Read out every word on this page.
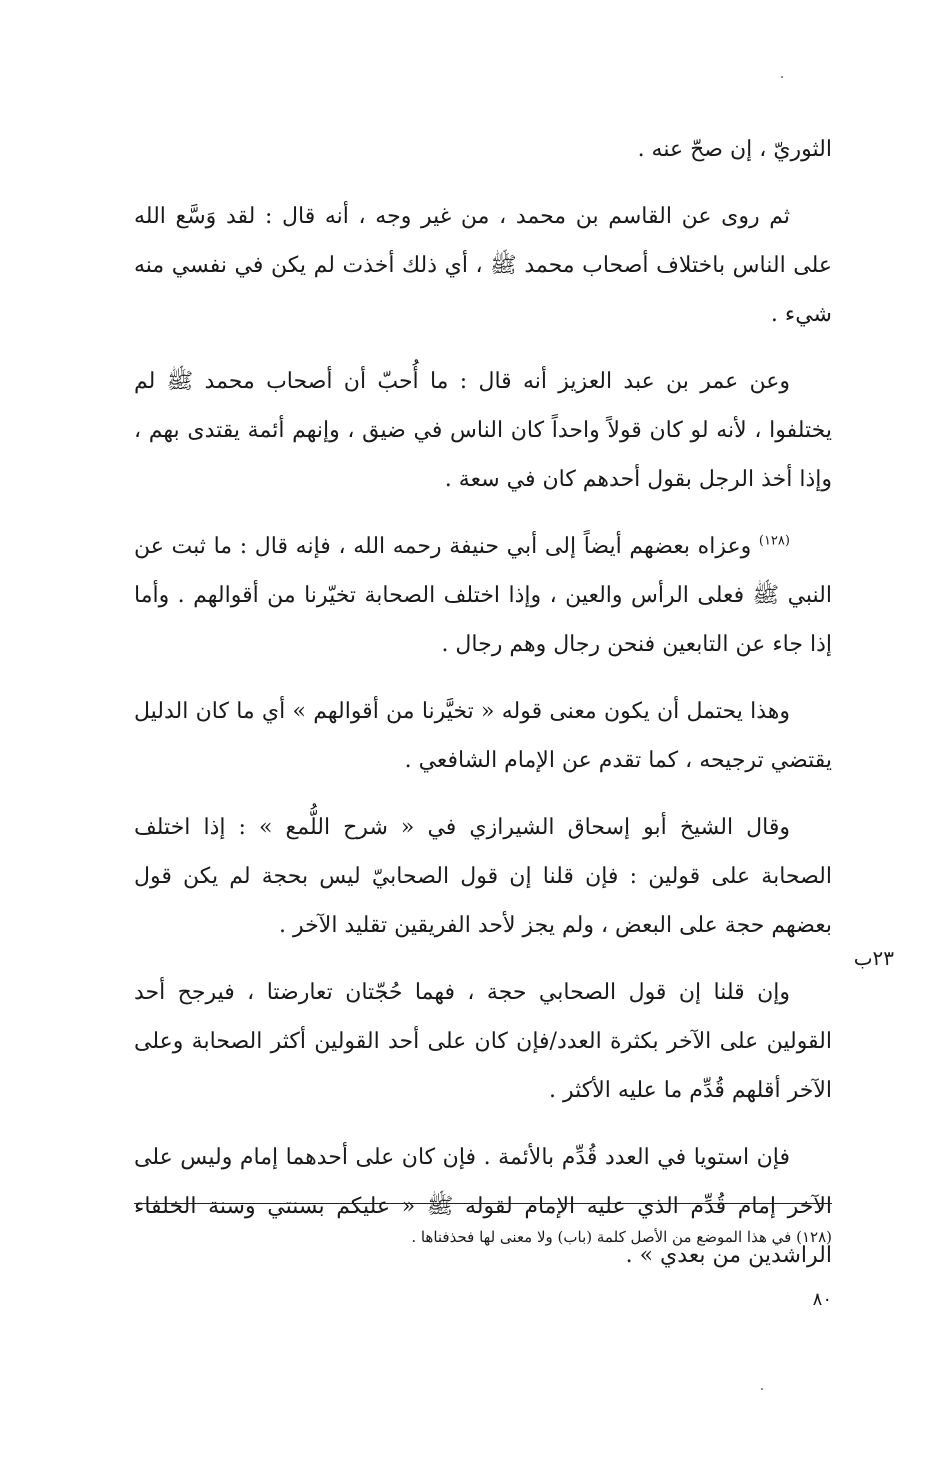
الثوريّ ، إن صحّ عنه .

ثم روى عن القاسم بن محمد ، من غير وجه ، أنه قال : لقد وَسَّع الله على الناس باختلاف أصحاب محمد ﷺ ، أي ذلك أخذت لم يكن في نفسي منه شيء .

وعن عمر بن عبد العزيز أنه قال : ما أُحبّ أن أصحاب محمد ﷺ لم يختلفوا ، لأنه لو كان قولاً واحداً كان الناس في ضيق ، وإنهم أئمة يقتدى بهم ، وإذا أخذ الرجل بقول أحدهم كان في سعة .

$^{(١٢٨)}$ وعزاه بعضهم أيضاً إلى أبي حنيفة رحمه الله ، فإنه قال : ما ثبت عن النبي ﷺ فعلى الرأس والعين ، وإذا اختلف الصحابة تخيّرنا من أقوالهم . وأما إذا جاء عن التابعين فنحن رجال وهم رجال .

وهذا يحتمل أن يكون معنى قوله « تخيَّرنا من أقوالهم » أي ما كان الدليل يقتضي ترجيحه ، كما تقدم عن الإمام الشافعي .

وقال الشيخ أبو إسحاق الشيرازي في « شرح اللُّمع » : إذا اختلف الصحابة على قولين : فإن قلنا إن قول الصحابيّ ليس بحجة لم يكن قول بعضهم حجة على البعض ، ولم يجز لأحد الفريقين تقليد الآخر .

وإن قلنا إن قول الصحابي حجة ، فهما حُجّتان تعارضتا ، فيرجح أحد القولين على الآخر بكثرة العدد/فإن كان على أحد القولين أكثر الصحابة وعلى الآخر أقلهم قُدِّم ما عليه الأكثر .

فإن استويا في العدد قُدِّم بالأئمة . فإن كان على أحدهما إمام وليس على الآخر إمام قُدِّم الذي عليه الإمام لقوله ﷺ « عليكم بسنتي وسنة الخلفاء الراشدين من بعدي » .

٢٣ب
(١٢٨) في هذا الموضع من الأصل كلمة (باب) ولا معنى لها فحذفناها .
٨٠
